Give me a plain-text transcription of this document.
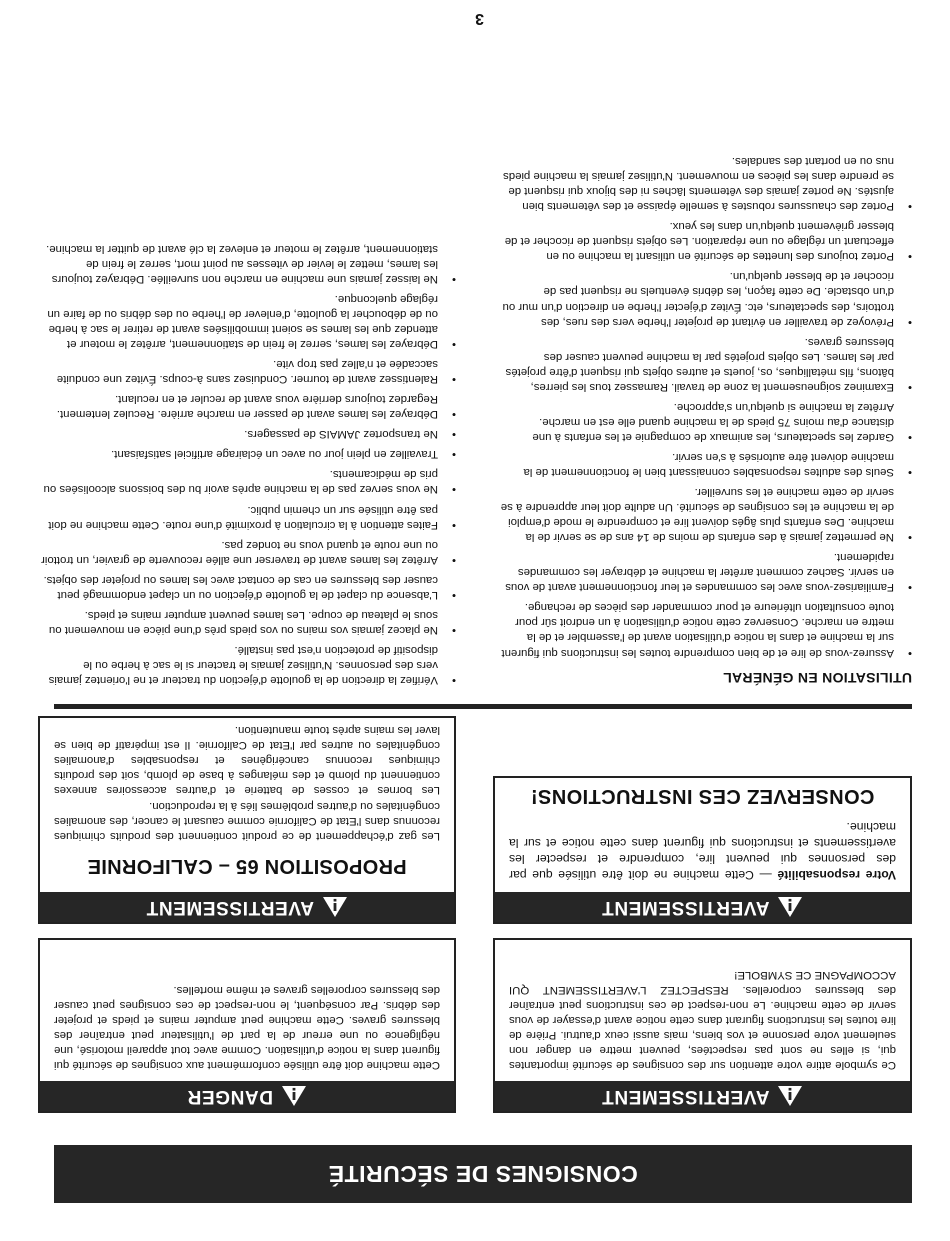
CONSIGNES DE SÉCURITÉ
AVERTISSEMENT

Ce symbole attire votre attention sur des consignes de sécurité importantes qui, si elles ne sont pas respectées, peuvent mettre en danger non seulement votre personne et vos biens, mais aussi ceux d'autrui. Prière de lire toutes les instructions figurant dans cette notice avant d'essayer de vous servir de cette machine. Le non-respect de ces instructions peut entraîner des blessures corporelles. RESPECTEZ L'AVERTISSEMENT QUI ACCOMPAGNE CE SYMBOLE!

DANGER

Cette machine doit être utilisée conformément aux consignes de sécurité qui figurent dans la notice d'utilisation. Comme avec tout appareil motorisé, une négligence ou une erreur de la part de l'utilisateur peut entraîner des blessures graves. Cette machine peut amputer mains et pieds et projeter des débris. Par conséquent, le non-respect de ces consignes peut causer des blessures corporelles graves et même mortelles.

AVERTISSEMENT

Votre responsabilité — Cette machine ne doit être utilisée que par des personnes qui peuvent lire, comprendre et respecter les avertissements et instructions qui figurent dans cette notice et sur la machine.

CONSERVEZ CES INSTRUCTIONS!
AVERTISSEMENT
PROPOSITION 65 – CALIFORNIE

Les gaz d'échappement de ce produit contiennent des produits chimiques reconnus dans l'Etat de Californie comme causant le cancer, des anomalies congénitales ou d'autres problèmes liés à la reproduction.

Les bornes et cosses de batterie et d'autres accessoires annexes contiennent du plomb et des mélanges à base de plomb, soit des produits chimiques reconnus cancérigènes et responsables d'anomalies congénitales ou autres par l'Etat de Californie. Il est impératif de bien se laver les mains après toute manutention.

UTILISATION EN GÉNÉRAL
• Assurez-vous de lire et de bien comprendre toutes les instructions qui figurent sur la machine et dans la notice d'utilisation avant de l'assembler et de la mettre en marche. Conservez cette notice d'utilisation à un endroit sûr pour toute consultation ultérieure et pour commander des pièces de rechange.
• Familiarisez-vous avec les commandes et leur fonctionnement avant de vous en servir. Sachez comment arrêter la machine et débrayer les commandes rapidement.
• Ne permettez jamais à des enfants de moins de 14 ans de se servir de la machine. Des enfants plus âgés doivent lire et comprendre le mode d'emploi de la machine et les consignes de sécurité. Un adulte doit leur apprendre à se servir de cette machine et les surveiller.
• Seuls des adultes responsables connaissant bien le fonctionnement de la machine doivent être autorisés à s'en servir.
• Gardez les spectateurs, les animaux de compagnie et les enfants à une distance d'au moins 75 pieds de la machine quand elle est en marche. Arrêtez la machine si quelqu'un s'approche.
• Examinez soigneusement la zone de travail. Ramassez tous les pierres, bâtons, fils métalliques, os, jouets et autres objets qui risquent d'être projetés par les lames. Les objets projetés par la machine peuvent causer des blessures graves.
• Prévoyez de travailler en évitant de projeter l'herbe vers des rues, des trottoirs, des spectateurs, etc. Évitez d'éjecter l'herbe en direction d'un mur ou d'un obstacle. De cette façon, les débris éventuels ne risquent pas de ricocher et de blesser quelqu'un.
• Portez toujours des lunettes de sécurité en utilisant la machine ou en effectuant un réglage ou une réparation. Les objets risquent de ricocher et de blesser grièvement quelqu'un dans les yeux.
• Portez des chaussures robustes à semelle épaisse et des vêtements bien ajustés. Ne portez jamais des vêtements lâches ni des bijoux qui risquent de se prendre dans les pièces en mouvement. N'utilisez jamais la machine pieds nus ou en portant des sandales.
• Vérifiez la direction de la goulotte d'éjection du tracteur et ne l'orientez jamais vers des personnes. N'utilisez jamais le tracteur si le sac à herbe ou le dispositif de protection n'est pas installé.
• Ne placez jamais vos mains ou vos pieds près d'une pièce en mouvement ou sous le plateau de coupe. Les lames peuvent amputer mains et pieds.
• L'absence du clapet de la goulotte d'éjection ou un clapet endommagé peut causer des blessures en cas de contact avec les lames ou projeter des objets.
• Arrêtez les lames avant de traverser une allée recouverte de gravier, un trottoir ou une route et quand vous ne tondez pas.
• Faites attention à la circulation à proximité d'une route. Cette machine ne doit pas être utilisée sur un chemin public.
• Ne vous servez pas de la machine après avoir bu des boissons alcoolisées ou pris de médicaments.
• Travaillez en plein jour ou avec un éclairage artificiel satisfaisant.
• Ne transportez JAMAIS de passagers.
• Débrayez les lames avant de passer en marche arrière. Reculez lentement. Regardez toujours derrière vous avant de reculer et en reculant.
• Ralentissez avant de tourner. Conduisez sans à-coups. Évitez une conduite saccadée et n'allez pas trop vite.
• Débrayez les lames, serrez le frein de stationnement, arrêtez le moteur et attendez que les lames se soient immobilisées avant de retirer le sac à herbe ou de déboucher la goulotte, d'enlever de l'herbe ou des débris ou de faire un réglage quelconque.
• Ne laissez jamais une machine en marche non surveillée. Débrayez toujours les lames, mettez le levier de vitesses au point mort, serrez le frein de stationnement, arrêtez le moteur et enlevez la clé avant de quitter la machine.
3
